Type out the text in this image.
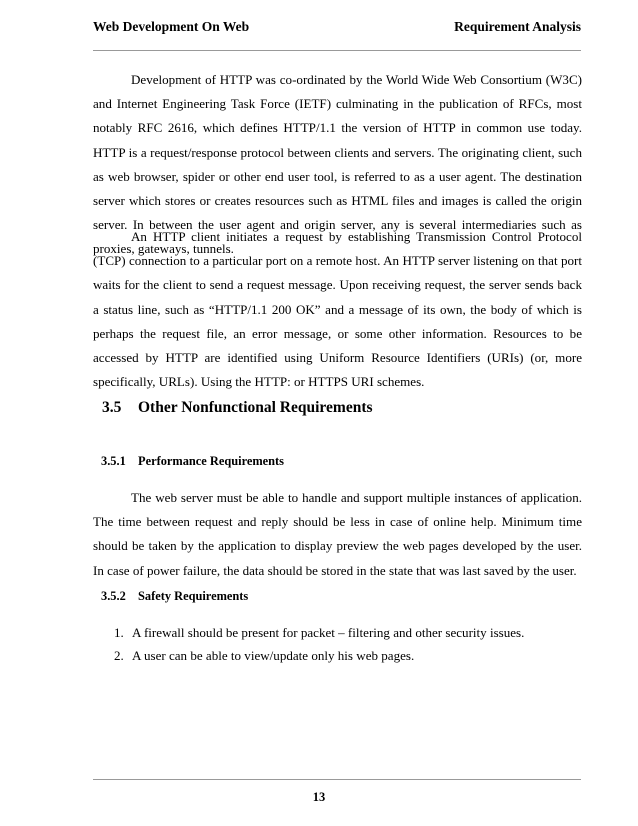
Web Development On Web	Requirement Analysis

Development of HTTP was co-ordinated by the World Wide Web Consortium (W3C) and Internet Engineering Task Force (IETF) culminating in the publication of RFCs, most notably RFC 2616, which defines HTTP/1.1 the version of HTTP in common use today. HTTP is a request/response protocol between clients and servers. The originating client, such as web browser, spider or other end user tool, is referred to as a user agent. The destination server which stores or creates resources such as HTML files and images is called the origin server. In between the user agent and origin server, any is several intermediaries such as proxies, gateways, tunnels.

An HTTP client initiates a request by establishing Transmission Control Protocol (TCP) connection to a particular port on a remote host. An HTTP server listening on that port waits for the client to send a request message. Upon receiving request, the server sends back a status line, such as “HTTP/1.1 200 OK” and a message of its own, the body of which is perhaps the request file, an error message, or some other information. Resources to be accessed by HTTP are identified using Uniform Resource Identifiers (URIs) (or, more specifically, URLs). Using the HTTP: or HTTPS URI schemes.

3.5 Other Nonfunctional Requirements
3.5.1 Performance Requirements

The web server must be able to handle and support multiple instances of application. The time between request and reply should be less in case of online help. Minimum time should be taken by the application to display preview the web pages developed by the user. In case of power failure, the data should be stored in the state that was last saved by the user.

3.5.2 Safety Requirements
1. A firewall should be present for packet – filtering and other security issues.
2. A user can be able to view/update only his web pages.
13
